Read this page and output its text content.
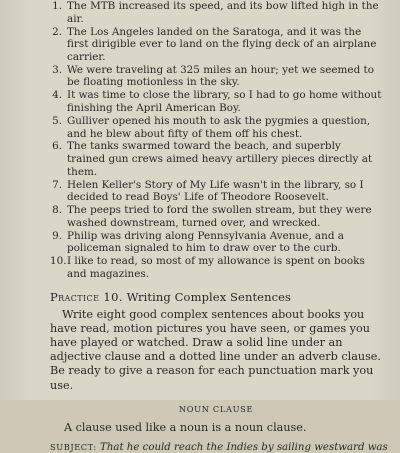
1. The MTB increased its speed, and its bow lifted high in the air.
2. The Los Angeles landed on the Saratoga, and it was the first dirigible ever to land on the flying deck of an airplane carrier.
3. We were traveling at 325 miles an hour; yet we seemed to be floating motionless in the sky.
4. It was time to close the library, so I had to go home without finishing the April American Boy.
5. Gulliver opened his mouth to ask the pygmies a question, and he blew about fifty of them off his chest.
6. The tanks swarmed toward the beach, and superbly trained gun crews aimed heavy artillery pieces directly at them.
7. Helen Keller's Story of My Life wasn't in the library, so I decided to read Boys' Life of Theodore Roosevelt.
8. The peeps tried to ford the swollen stream, but they were washed downstream, turned over, and wrecked.
9. Philip was driving along Pennsylvania Avenue, and a policeman signaled to him to draw over to the curb.
10. I like to read, so most of my allowance is spent on books and magazines.
Practice 10. Writing Complex Sentences

Write eight good complex sentences about books you have read, motion pictures you have seen, or games you have played or watched. Draw a solid line under an adjective clause and a dotted line under an adverb clause. Be ready to give a reason for each punctuation mark you use.

NOUN CLAUSE

A clause used like a noun is a noun clause.

SUBJECT: That he could reach the Indies by sailing westward was
